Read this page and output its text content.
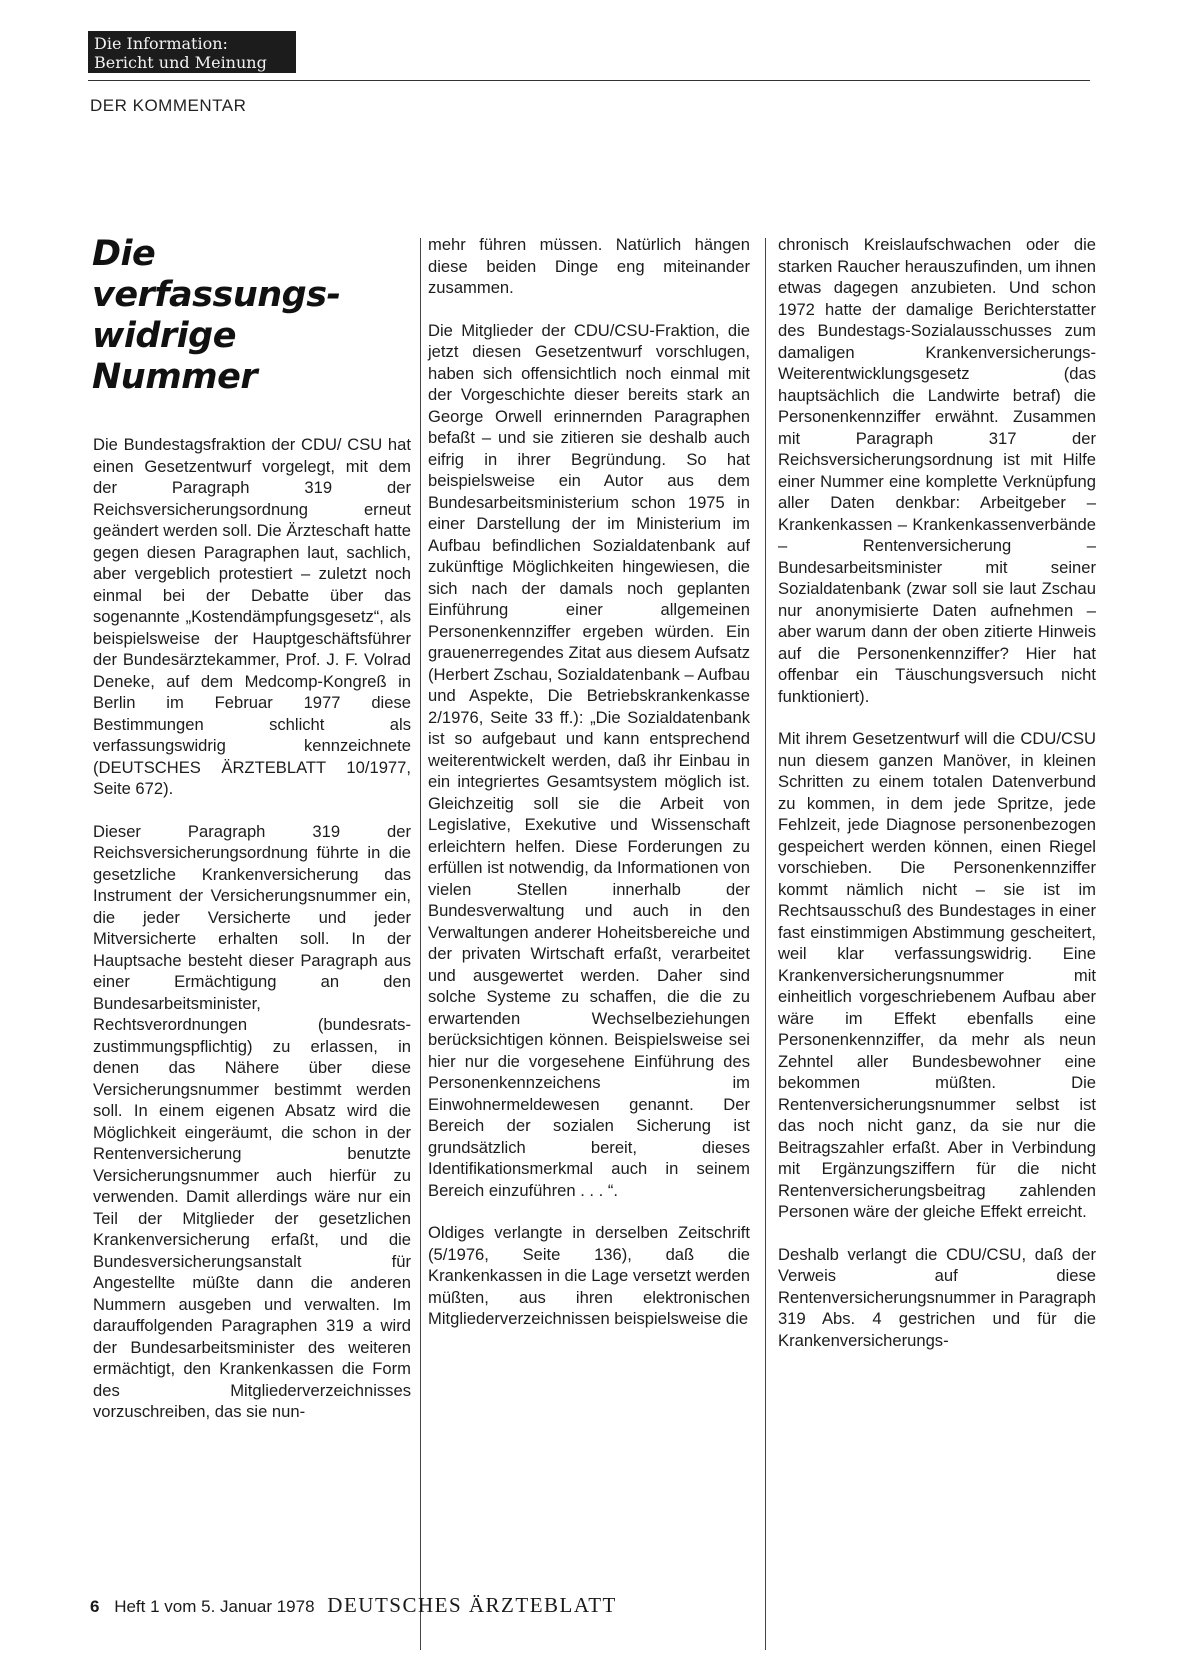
Die Information:
Bericht und Meinung
DER KOMMENTAR
Die
verfassungs-
widrige
Nummer

Die Bundestagsfraktion der CDU/ CSU hat einen Gesetzentwurf vorgelegt, mit dem der Paragraph 319 der Reichsversicherungsordnung erneut geändert werden soll. Die Ärzteschaft hatte gegen diesen Paragraphen laut, sachlich, aber vergeblich protestiert – zuletzt noch einmal bei der Debatte über das sogenannte „Kostendämpfungsgesetz“, als beispielsweise der Hauptgeschäftsführer der Bundesärztekammer, Prof. J. F. Volrad Deneke, auf dem Medcomp-Kongreß in Berlin im Februar 1977 diese Bestimmungen schlicht als verfassungswidrig kennzeichnete (DEUTSCHES ÄRZTEBLATT 10/1977, Seite 672).

Dieser Paragraph 319 der Reichsversicherungsordnung führte in die gesetzliche Krankenversicherung das Instrument der Versicherungsnummer ein, die jeder Versicherte und jeder Mitversicherte erhalten soll. In der Hauptsache besteht dieser Paragraph aus einer Ermächtigung an den Bundesarbeitsminister, Rechtsverordnungen (bundesrats-zustimmungspflichtig) zu erlassen, in denen das Nähere über diese Versicherungsnummer bestimmt werden soll. In einem eigenen Absatz wird die Möglichkeit eingeräumt, die schon in der Rentenversicherung benutzte Versicherungsnummer auch hierfür zu verwenden. Damit allerdings wäre nur ein Teil der Mitglieder der gesetzlichen Krankenversicherung erfaßt, und die Bundesversicherungsanstalt für Angestellte müßte dann die anderen Nummern ausgeben und verwalten. Im darauffolgenden Paragraphen 319 a wird der Bundesarbeitsminister des weiteren ermächtigt, den Krankenkassen die Form des Mitgliederverzeichnisses vorzuschreiben, das sie nun-

mehr führen müssen. Natürlich hängen diese beiden Dinge eng miteinander zusammen.

Die Mitglieder der CDU/CSU-Fraktion, die jetzt diesen Gesetzentwurf vorschlugen, haben sich offensichtlich noch einmal mit der Vorgeschichte dieser bereits stark an George Orwell erinnernden Paragraphen befaßt – und sie zitieren sie deshalb auch eifrig in ihrer Begründung. So hat beispielsweise ein Autor aus dem Bundesarbeitsministerium schon 1975 in einer Darstellung der im Ministerium im Aufbau befindlichen Sozialdatenbank auf zukünftige Möglichkeiten hingewiesen, die sich nach der damals noch geplanten Einführung einer allgemeinen Personenkennziffer ergeben würden. Ein grauenerregendes Zitat aus diesem Aufsatz (Herbert Zschau, Sozialdatenbank – Aufbau und Aspekte, Die Betriebskrankenkasse 2/1976, Seite 33 ff.): „Die Sozialdatenbank ist so aufgebaut und kann entsprechend weiterentwickelt werden, daß ihr Einbau in ein integriertes Gesamtsystem möglich ist. Gleichzeitig soll sie die Arbeit von Legislative, Exekutive und Wissenschaft erleichtern helfen. Diese Forderungen zu erfüllen ist notwendig, da Informationen von vielen Stellen innerhalb der Bundesverwaltung und auch in den Verwaltungen anderer Hoheitsbereiche und der privaten Wirtschaft erfaßt, verarbeitet und ausgewertet werden. Daher sind solche Systeme zu schaffen, die die zu erwartenden Wechselbeziehungen berücksichtigen können. Beispielsweise sei hier nur die vorgesehene Einführung des Personenkennzeichens im Einwohnermeldewesen genannt. Der Bereich der sozialen Sicherung ist grundsätzlich bereit, dieses Identifikationsmerkmal auch in seinem Bereich einzuführen . . . “.

Oldiges verlangte in derselben Zeitschrift (5/1976, Seite 136), daß die Krankenkassen in die Lage versetzt werden müßten, aus ihren elektronischen Mitgliederverzeichnissen beispielsweise die

chronisch Kreislaufschwachen oder die starken Raucher herauszufinden, um ihnen etwas dagegen anzubieten. Und schon 1972 hatte der damalige Berichterstatter des Bundestags-Sozialausschusses zum damaligen Krankenversicherungs-Weiterentwicklungsgesetz (das hauptsächlich die Landwirte betraf) die Personenkennziffer erwähnt. Zusammen mit Paragraph 317 der Reichsversicherungsordnung ist mit Hilfe einer Nummer eine komplette Verknüpfung aller Daten denkbar: Arbeitgeber – Krankenkassen – Krankenkassenverbände – Rentenversicherung – Bundesarbeitsminister mit seiner Sozialdatenbank (zwar soll sie laut Zschau nur anonymisierte Daten aufnehmen – aber warum dann der oben zitierte Hinweis auf die Personenkennziffer? Hier hat offenbar ein Täuschungsversuch nicht funktioniert).

Mit ihrem Gesetzentwurf will die CDU/CSU nun diesem ganzen Manöver, in kleinen Schritten zu einem totalen Datenverbund zu kommen, in dem jede Spritze, jede Fehlzeit, jede Diagnose personenbezogen gespeichert werden können, einen Riegel vorschieben. Die Personenkennziffer kommt nämlich nicht – sie ist im Rechtsausschuß des Bundestages in einer fast einstimmigen Abstimmung gescheitert, weil klar verfassungswidrig. Eine Krankenversicherungsnummer mit einheitlich vorgeschriebenem Aufbau aber wäre im Effekt ebenfalls eine Personenkennziffer, da mehr als neun Zehntel aller Bundesbewohner eine bekommen müßten. Die Rentenversicherungsnummer selbst ist das noch nicht ganz, da sie nur die Beitragszahler erfaßt. Aber in Verbindung mit Ergänzungsziffern für die nicht Rentenversicherungsbeitrag zahlenden Personen wäre der gleiche Effekt erreicht.

Deshalb verlangt die CDU/CSU, daß der Verweis auf diese Rentenversicherungsnummer in Paragraph 319 Abs. 4 gestrichen und für die Krankenversicherungs-

6 Heft 1 vom 5. Januar 1978 DEUTSCHES ÄRZTEBLATT
